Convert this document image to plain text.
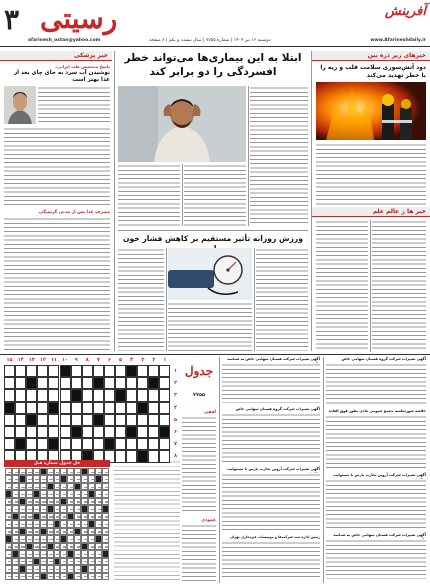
۳ رسیتی
afarinesh_ostan@yahoo.com
آفرینش
www.Afarineshdaily.ir
دوشنبه ۱۶ تیر ۱۴۰۴ | شماره ۷۷۵۵ | سال بیست و یکم | ۸ صفحه
خبرهای زیر ذره بین
دود آتش‌سوزی سلامت قلب و ریه را با خطر تهدید می‌کند
خبر ها ز عالم علم
ابتلا به این بیماری‌ها می‌تواند خطر
افسردگی را دو برابر کند
ورزش روزانه تأثیر مستقیم بر کاهش فشار خون
خبر پزشکی
پاسخ متخصص طب ایرانی:
نوشیدن آب سرد به جای چای بعد از غذا بهتر است
مصرف غذا پس از مدتی گرسنگی
آگهی تغییرات شرکت گروه هستان سهامی خاص
خلاصه صورتجلسه مجمع عمومی عادی بطور فوق العاده
آگهی تغییرات شرکت آروین تجارت پارس با مسئولیت
آگهی تغییرات شرکت هستان سهامی خاص به شناسه
آگهی تغییرات شرکت هستان سهامی خاص به شناسه
آگهی تغییرات شرکت گروه هستان سهامی خاص
آگهی تغییرات شرکت آروین تجارت پارس با مسئولیت
رئیس اداره ثبت شرکت‌ها و موسسات غیرتجاری تهران
جدول
۷۷۵۵
افقی
عمودی
۱۵ ۱۴ ۱۳	۱۲ ۱۱	۱۰	۹	۸	۷	۶	۵	۴	۳	۲	۱
۱
۲
۳
۴
۵
۶
۷
۸
حل جدول شماره قبل
